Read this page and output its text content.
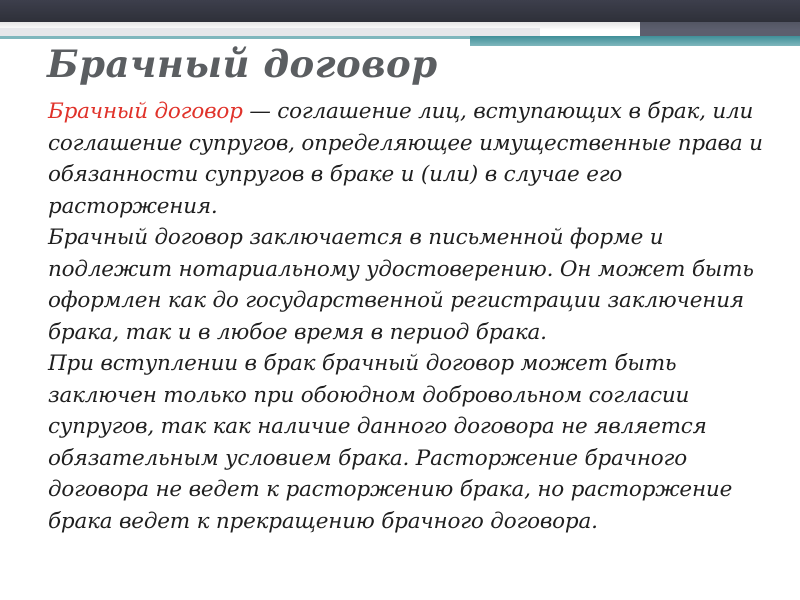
Брачный договор
Брачный договор — соглашение лиц, вступающих в брак, или
соглашение супругов, определяющее имущественные права и
обязанности супругов в браке и (или) в случае его
расторжения.
Брачный договор заключается в письменной форме и
подлежит нотариальному удостоверению. Он может быть
оформлен как до государственной регистрации заключения
брака, так и в любое время в период брака.
При вступлении в брак брачный договор может быть
заключен только при обоюдном добровольном согласии
супругов, так как наличие данного договора не является
обязательным условием брака. Расторжение брачного
договора не ведет к расторжению брака, но расторжение
брака ведет к прекращению брачного договора.
